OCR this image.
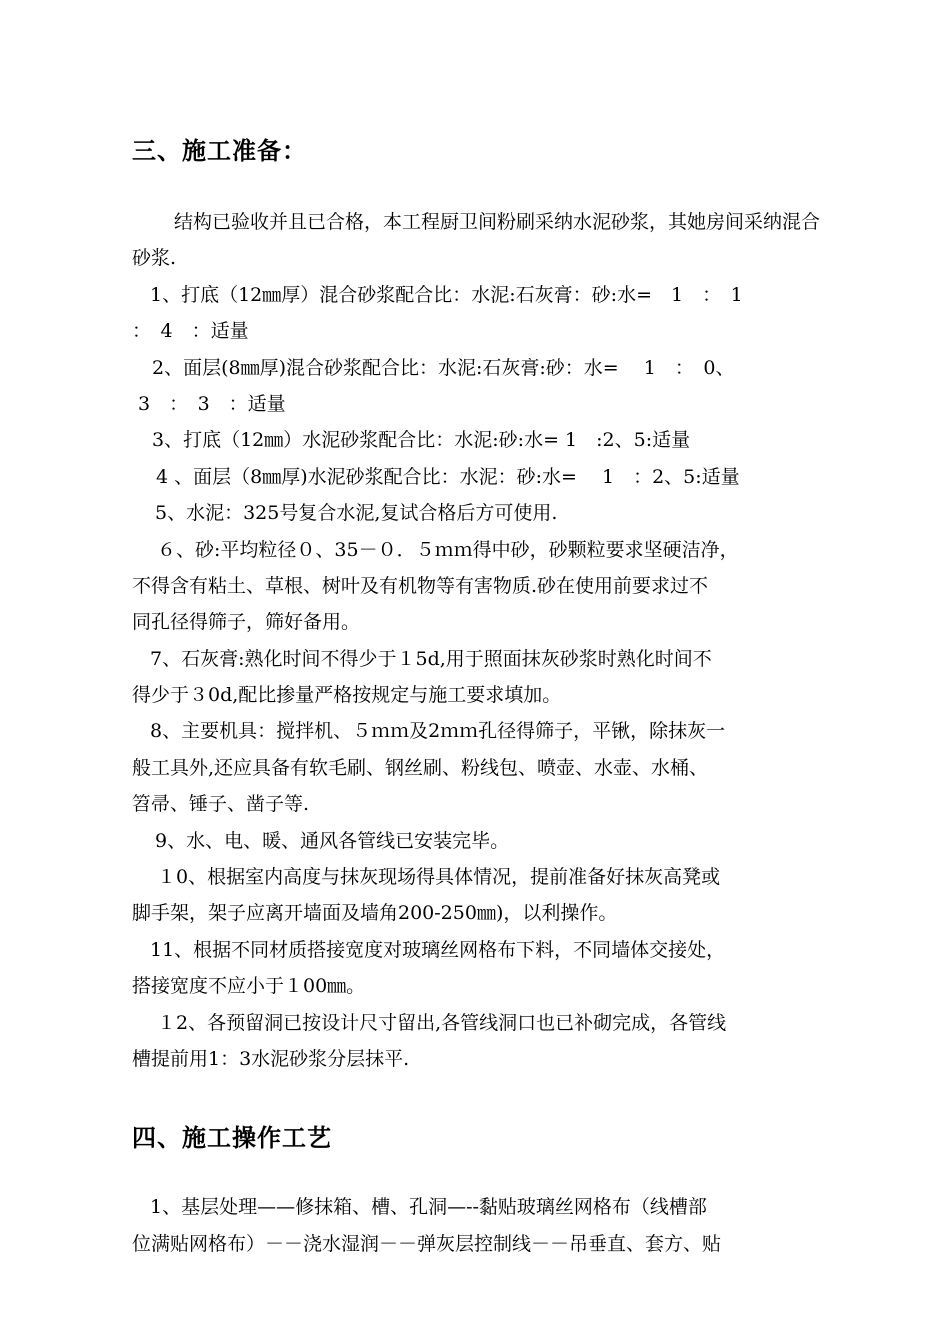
三、施工准备：
结构已验收并且已合格，本工程厨卫间粉刷采纳水泥砂浆，其她房间采纳混合
砂浆.
1、打底（12㎜厚）混合砂浆配合比：水泥:石灰膏：砂:水=　1　：　1
：　4　：适量
2、面层(8㎜厚)混合砂浆配合比：水泥:石灰膏:砂：水=　 1　：　0、
3　：　3　：适量
3、打底（12㎜）水泥砂浆配合比：水泥:砂:水= 1　:2、5:适量
4 、面层（8㎜厚)水泥砂浆配合比：水泥：砂:水=　 1　：2、5:适量
5、水泥：325号复合水泥,复试合格后方可使用.
６、砂:平均粒径０、35－０．５ｍｍ得中砂，砂颗粒要求坚硬洁净，
不得含有粘土、草根、树叶及有机物等有害物质.砂在使用前要求过不
同孔径得筛子，筛好备用。
7、石灰膏:熟化时间不得少于１5d,用于照面抹灰砂浆时熟化时间不
得少于３0d,配比掺量严格按规定与施工要求填加。
8、主要机具：搅拌机、５ｍｍ及2ｍｍ孔径得筛子，平锹，除抹灰一
般工具外,还应具备有软毛刷、钢丝刷、粉线包、喷壶、水壶、水桶、
笤帚、锤子、凿子等.
9、水、电、暖、通风各管线已安装完毕。
１0、根据室内高度与抹灰现场得具体情况，提前准备好抹灰高凳或
脚手架，架子应离开墙面及墙角200-250㎜)，以利操作。
11、根据不同材质搭接宽度对玻璃丝网格布下料，不同墙体交接处，
搭接宽度不应小于１00㎜。
１2、各预留洞已按设计尺寸留出,各管线洞口也已补砌完成，各管线
槽提前用1：3水泥砂浆分层抹平.
四、施工操作工艺
1、基层处理——修抹箱、槽、孔洞—--黏贴玻璃丝网格布（线槽部
位满贴网格布）－－浇水湿润－－弹灰层控制线－－吊垂直、套方、贴
